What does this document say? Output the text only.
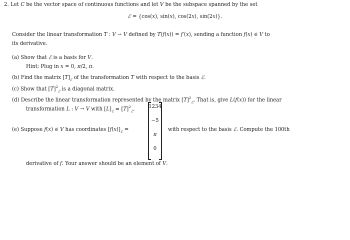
2. Let C be the vector space of continuous functions and let V be the subspace spanned by the set
ℰ = {cos(x), sin(x), cos(2x), sin(2x)}.
Consider the linear transformation T : V → V defined by T(f(x)) = f′(x), sending a function f(x) ∈ V to
its derivative.
(a) Show that ℰ is a basis for V.
Hint: Plug in x = 0, π/2, π.
(b) Find the matrix $[T]_ℰ$ of the transformation T with respect to the basis ℰ.
(c) Show that $[T]^2_ℰ$ is a diagonal matrix.
(d) Describe the linear transformation represented by the matrix $[T]^2_ℰ$. That is, give L(f(x)) for the linear
transformation L : V → V with $[L]_ℰ = [T]^2_ℰ$.
(e) Suppose f(x) ∈ V has coordinates $[f(x)]_ℰ$ =
1234
−5
π
0
with respect to the basis ℰ. Compute the 100th
derivative of f. Your answer should be an element of V.
